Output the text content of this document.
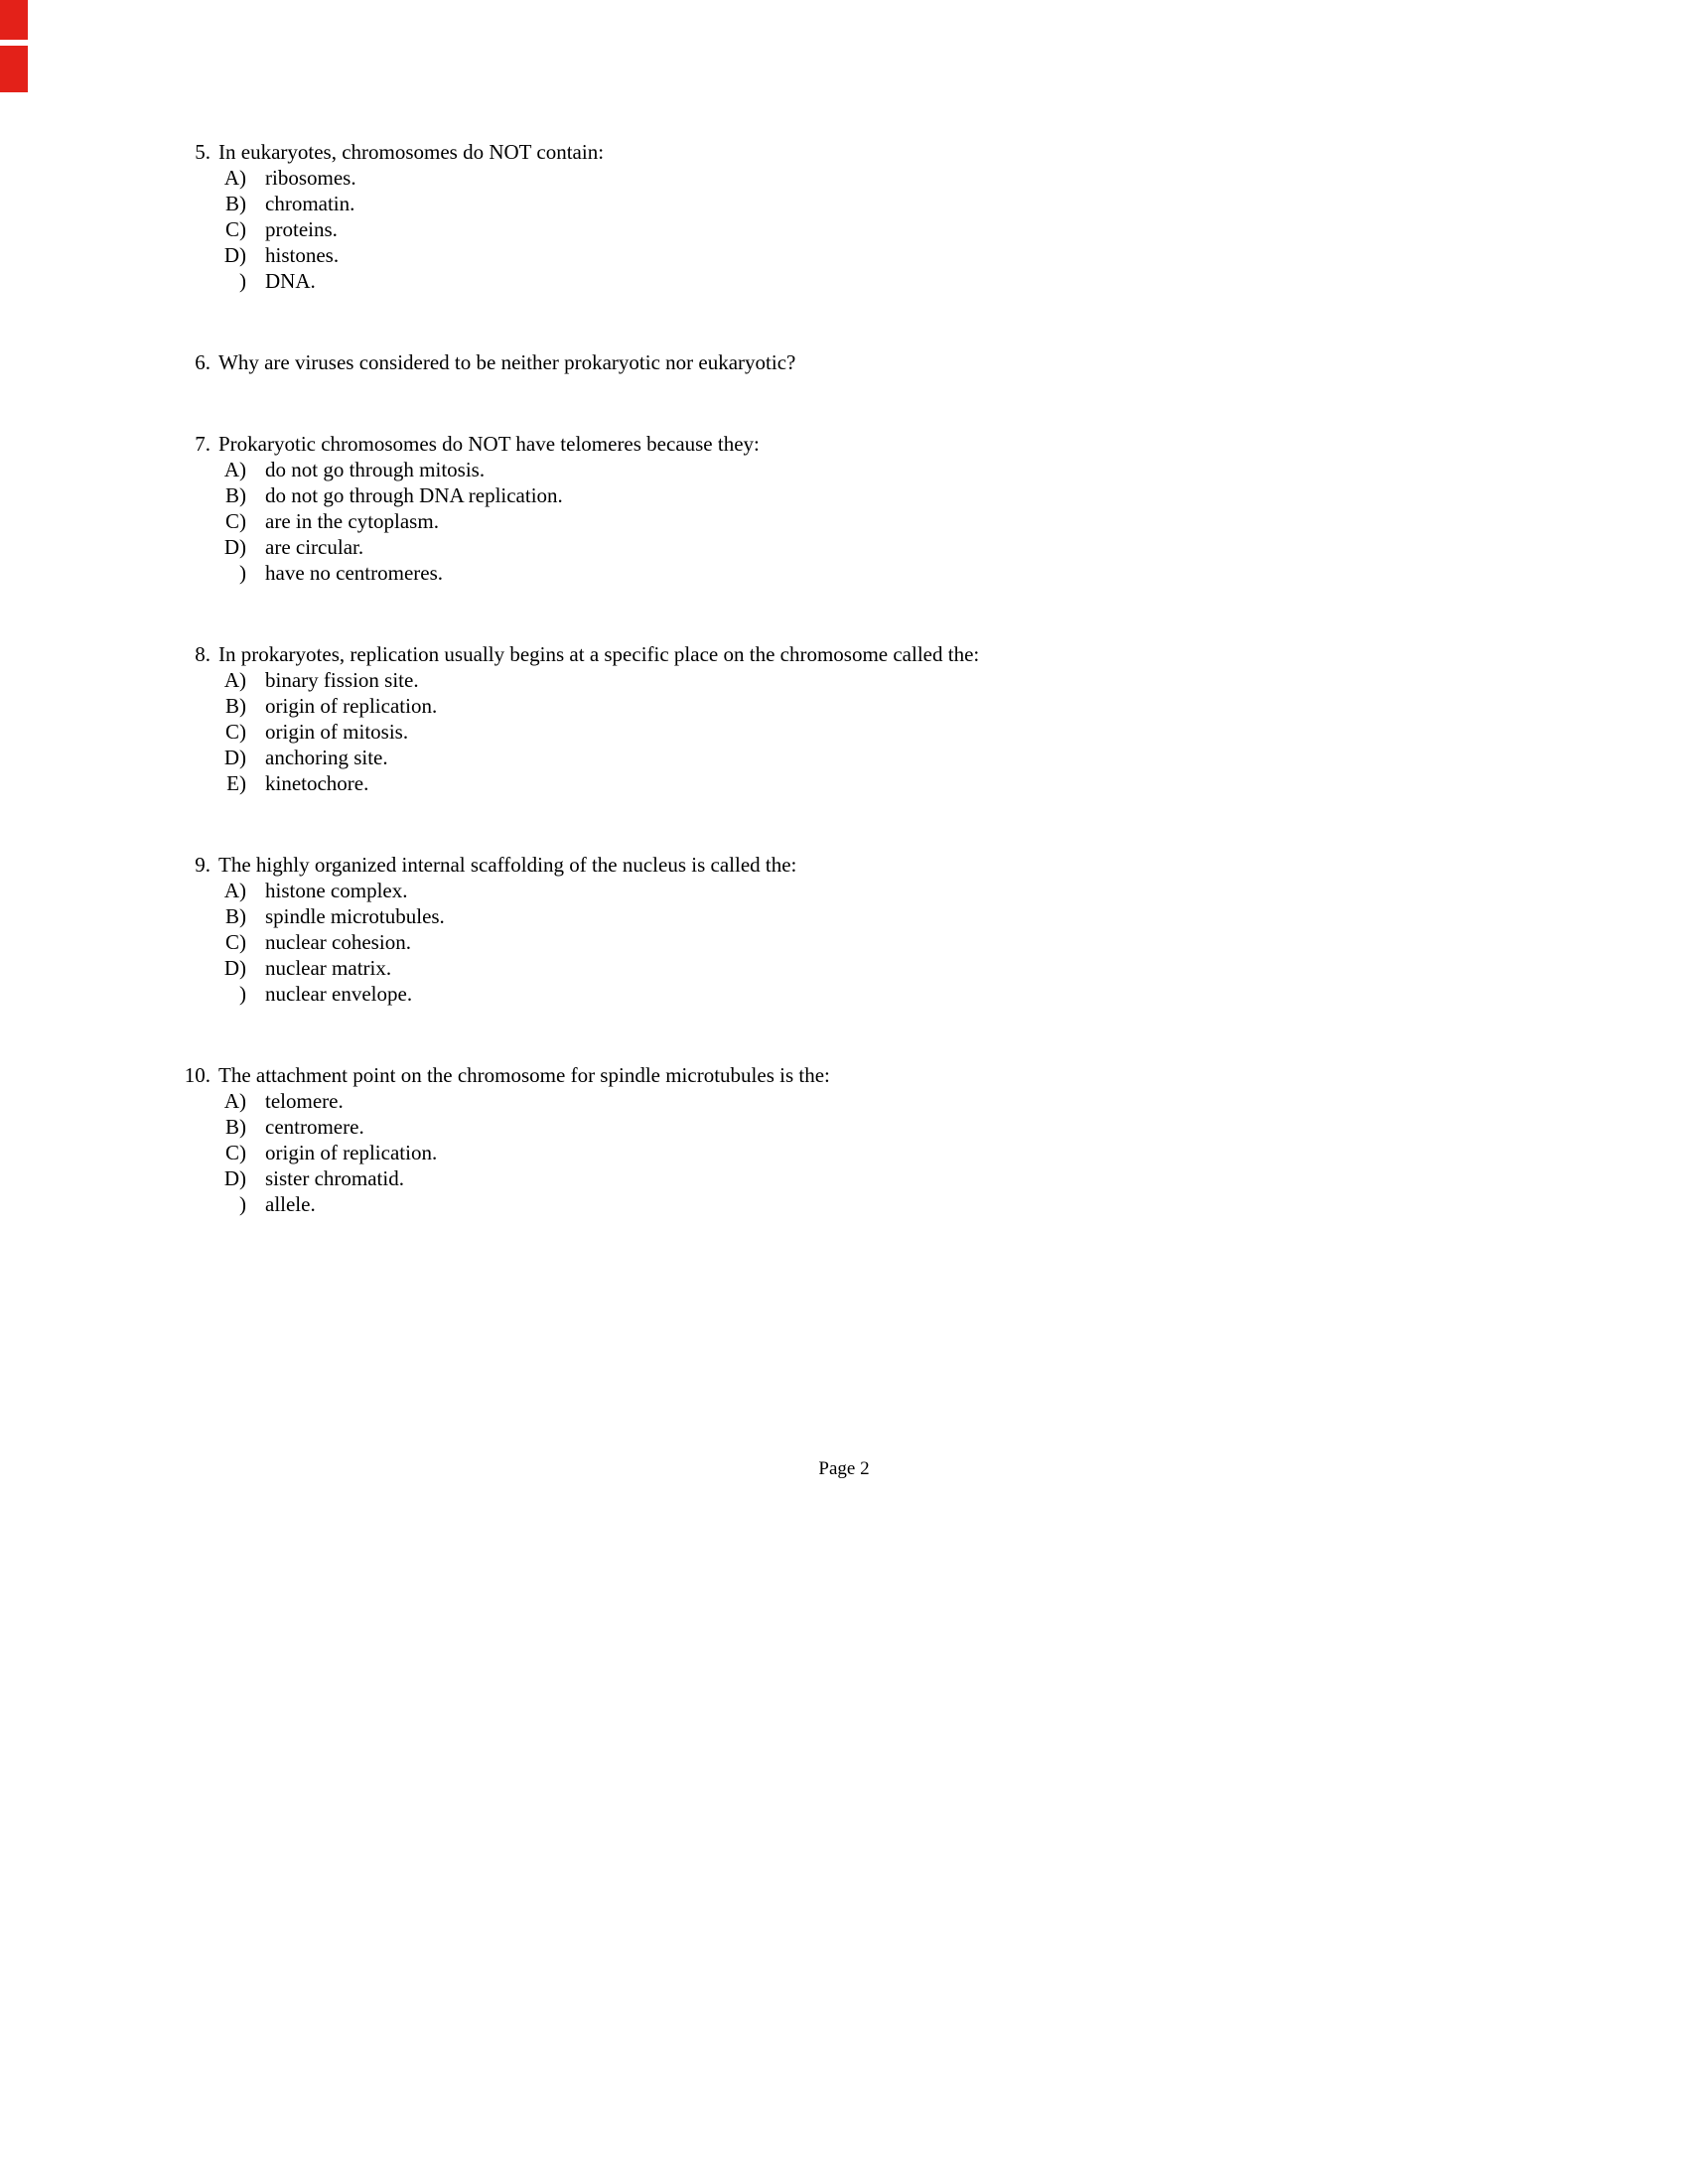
5. In eukaryotes, chromosomes do NOT contain:
A) ribosomes.
B) chromatin.
C) proteins.
D) histones.
) DNA.
6. Why are viruses considered to be neither prokaryotic nor eukaryotic?
7. Prokaryotic chromosomes do NOT have telomeres because they:
A) do not go through mitosis.
B) do not go through DNA replication.
C) are in the cytoplasm.
D) are circular.
) have no centromeres.
8. In prokaryotes, replication usually begins at a specific place on the chromosome called the:
A) binary fission site.
B) origin of replication.
C) origin of mitosis.
D) anchoring site.
E) kinetochore.
9. The highly organized internal scaffolding of the nucleus is called the:
A) histone complex.
B) spindle microtubules.
C) nuclear cohesion.
D) nuclear matrix.
) nuclear envelope.
10. The attachment point on the chromosome for spindle microtubules is the:
A) telomere.
B) centromere.
C) origin of replication.
D) sister chromatid.
) allele.
Page 2
